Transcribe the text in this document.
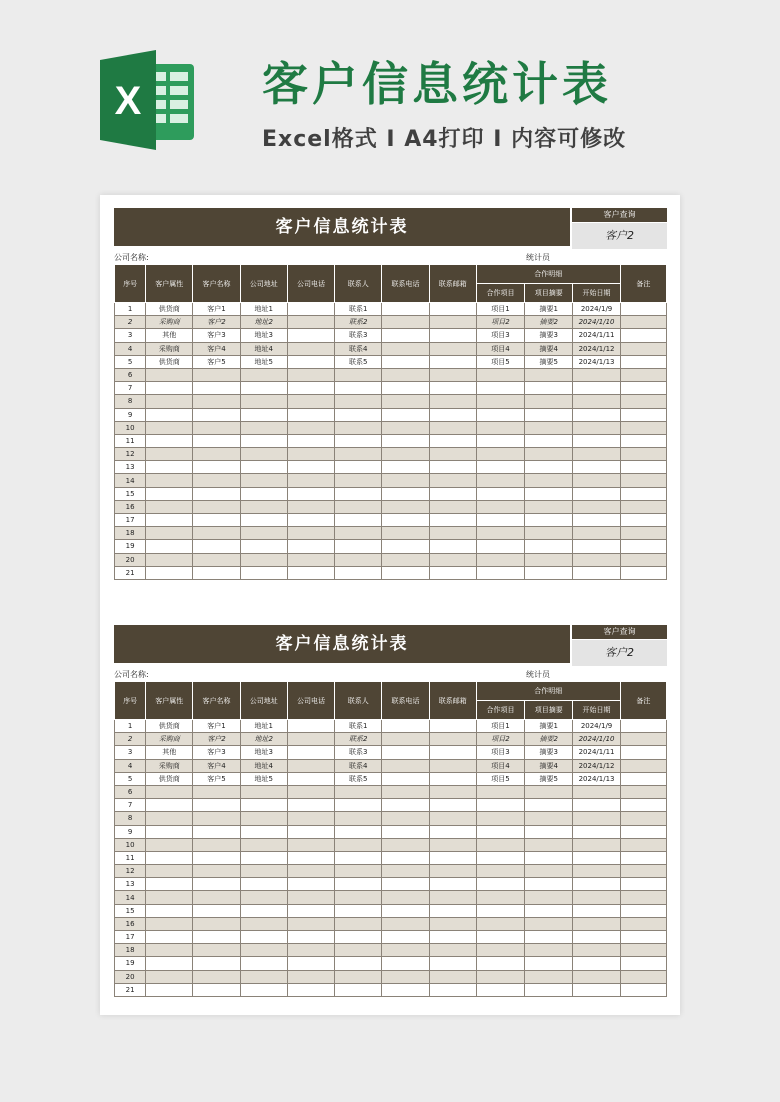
X	客户信息统计表
Excel格式 I A4打印 I 内容可修改
客户信息统计表
客户查询
客户2
公司名称:	统计员
序号	客户属性	客户名称	公司地址	公司电话	联系人	联系电话	联系邮箱	合作明细			备注
								合作项目	项目摘要	开始日期	
1	供货商	客户1	地址1		联系1			项目1	摘要1	2024/1/9	
2	采购商	客户2	地址2		联系2			项目2	摘要2	2024/1/10	
3	其他	客户3	地址3		联系3			项目3	摘要3	2024/1/11	
4	采购商	客户4	地址4		联系4			项目4	摘要4	2024/1/12	
5	供货商	客户5	地址5		联系5			项目5	摘要5	2024/1/13	
6											
7											
8											
9											
10											
11											
12											
13											
14											
15											
16											
17											
18											
19											
20											
21											
客户信息统计表
客户查询
客户2
公司名称:	统计员
序号	客户属性	客户名称	公司地址	公司电话	联系人	联系电话	联系邮箱	合作明细			备注
								合作项目	项目摘要	开始日期	
1	供货商	客户1	地址1		联系1			项目1	摘要1	2024/1/9	
2	采购商	客户2	地址2		联系2			项目2	摘要2	2024/1/10	
3	其他	客户3	地址3		联系3			项目3	摘要3	2024/1/11	
4	采购商	客户4	地址4		联系4			项目4	摘要4	2024/1/12	
5	供货商	客户5	地址5		联系5			项目5	摘要5	2024/1/13	
6											
7											
8											
9											
10											
11											
12											
13											
14											
15											
16											
17											
18											
19											
20											
21											
